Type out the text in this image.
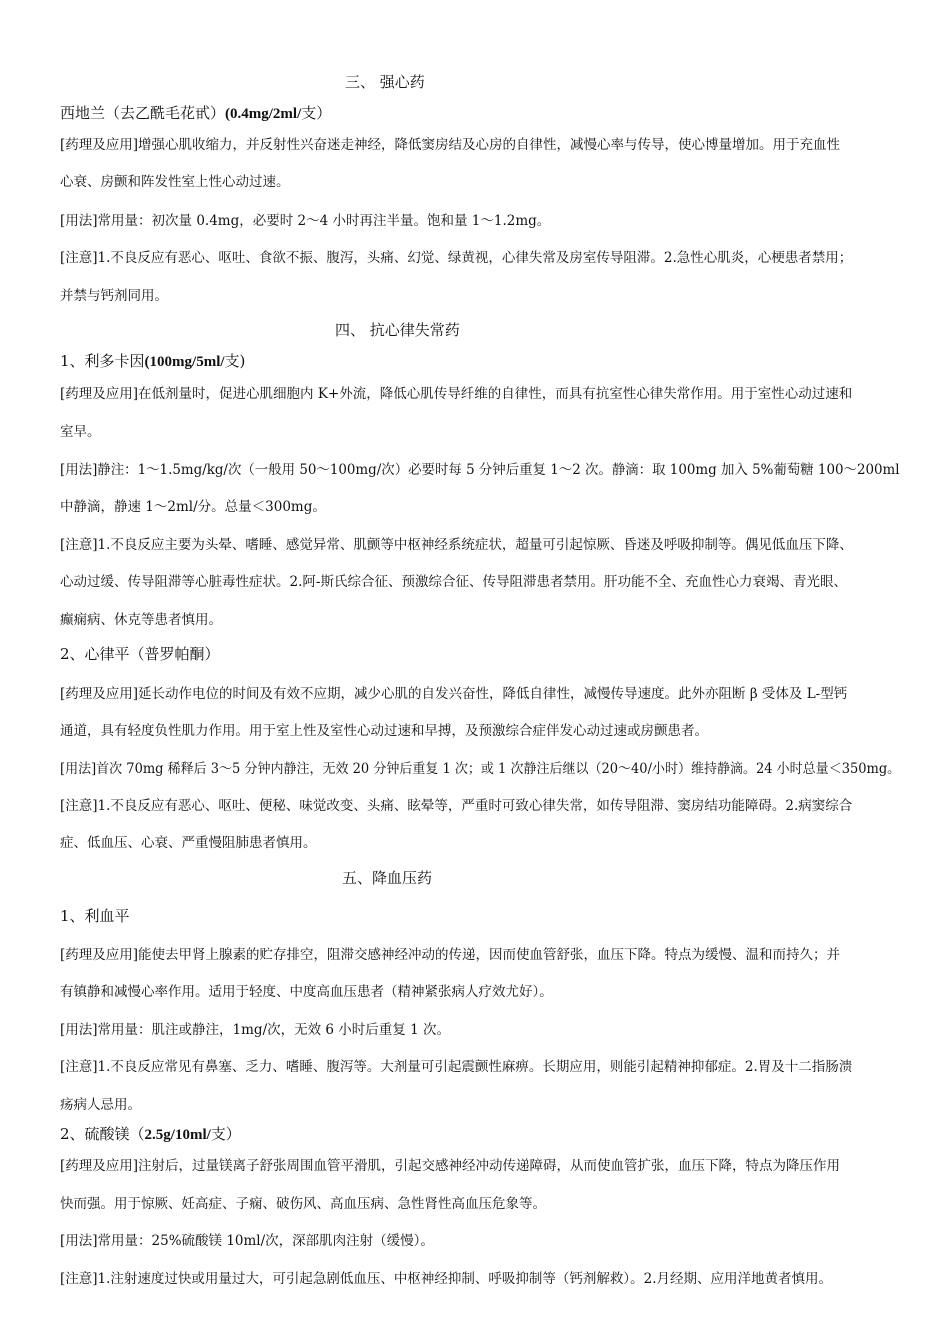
三、 强心药
西地兰（去乙酰毛花甙）(0.4mg/2ml/支）
[药理及应用]增强心肌收缩力，并反射性兴奋迷走神经，降低窦房结及心房的自律性，减慢心率与传导，使心博量增加。用于充血性
心衰、房颤和阵发性室上性心动过速。
[用法]常用量：初次量 0.4mg，必要时 2～4 小时再注半量。饱和量 1～1.2mg。
[注意]1.不良反应有恶心、呕吐、食欲不振、腹泻，头痛、幻觉、绿黄视，心律失常及房室传导阻滞。2.急性心肌炎，心梗患者禁用；
并禁与钙剂同用。
四、 抗心律失常药
1、利多卡因(100mg/5ml/支)
[药理及应用]在低剂量时，促进心肌细胞内 K+外流，降低心肌传导纤维的自律性，而具有抗室性心律失常作用。用于室性心动过速和
室早。
[用法]静注：1～1.5mg/kg/次（一般用 50～100mg/次）必要时每 5 分钟后重复 1～2 次。静滴：取 100mg 加入 5%葡萄糖 100～200ml
中静滴，静速 1～2ml/分。总量＜300mg。
[注意]1.不良反应主要为头晕、嗜睡、感觉异常、肌颤等中枢神经系统症状，超量可引起惊厥、昏迷及呼吸抑制等。偶见低血压下降、
心动过缓、传导阻滞等心脏毒性症状。2.阿-斯氏综合征、预激综合征、传导阻滞患者禁用。肝功能不全、充血性心力衰竭、青光眼、
癫痫病、休克等患者慎用。
2、心律平（普罗帕酮）
[药理及应用]延长动作电位的时间及有效不应期，减少心肌的自发兴奋性，降低自律性，减慢传导速度。此外亦阻断 β 受体及 L-型钙
通道，具有轻度负性肌力作用。用于室上性及室性心动过速和早搏，及预激综合症伴发心动过速或房颤患者。
[用法]首次 70mg 稀释后 3～5 分钟内静注，无效 20 分钟后重复 1 次；或 1 次静注后继以（20～40/小时）维持静滴。24 小时总量＜350mg。
[注意]1.不良反应有恶心、呕吐、便秘、味觉改变、头痛、眩晕等，严重时可致心律失常，如传导阻滞、窦房结功能障碍。2.病窦综合
症、低血压、心衰、严重慢阻肺患者慎用。
五、降血压药
1、利血平
[药理及应用]能使去甲肾上腺素的贮存排空，阻滞交感神经冲动的传递，因而使血管舒张，血压下降。特点为缓慢、温和而持久；并
有镇静和减慢心率作用。适用于轻度、中度高血压患者（精神紧张病人疗效尤好）。
[用法]常用量：肌注或静注，1mg/次，无效 6 小时后重复 1 次。
[注意]1.不良反应常见有鼻塞、乏力、嗜睡、腹泻等。大剂量可引起震颤性麻痹。长期应用，则能引起精神抑郁症。2.胃及十二指肠溃
疡病人忌用。
2、硫酸镁（2.5g/10ml/支）
[药理及应用]注射后，过量镁离子舒张周围血管平滑肌，引起交感神经冲动传递障碍，从而使血管扩张，血压下降，特点为降压作用
快而强。用于惊厥、妊高症、子痫、破伤风、高血压病、急性肾性高血压危象等。
[用法]常用量：25%硫酸镁 10ml/次，深部肌肉注射（缓慢）。
[注意]1.注射速度过快或用量过大，可引起急剧低血压、中枢神经抑制、呼吸抑制等（钙剂解救）。2.月经期、应用洋地黄者慎用。
